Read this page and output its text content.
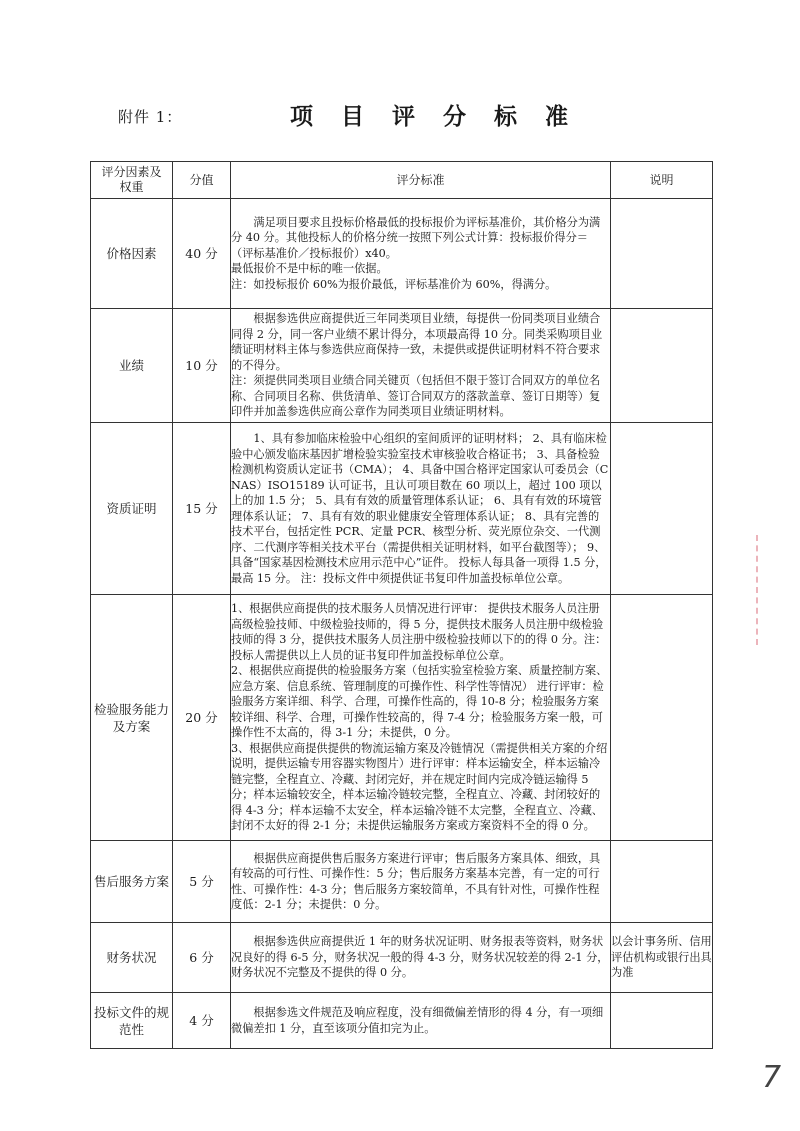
附件 1：	项 目 评 分 标 准
评分因素及
权重	分值	评分标准	说明
价格因素	40 分	满足项目要求且投标价格最低的投标报价为评标基准价，其价格分为满分 40 分。其他投标人的价格分统一按照下列公式计算：投标报价得分＝（评标基准价／投标报价）x40。
最低报价不是中标的唯一依据。
注：如投标报价 60%为报价最低，评标基准价为 60%，得满分。	

业绩	10 分	根据参选供应商提供近三年同类项目业绩，每提供一份同类项目业绩合同得 2 分，同一客户业绩不累计得分，本项最高得 10 分。同类采购项目业绩证明材料主体与参选供应商保持一致，未提供或提供证明材料不符合要求的不得分。
注：须提供同类项目业绩合同关键页（包括但不限于签订合同双方的单位名称、合同项目名称、供货清单、签订合同双方的落款盖章、签订日期等）复印件并加盖参选供应商公章作为同类项目业绩证明材料。	

资质证明	15 分	1、具有参加临床检验中心组织的室间质评的证明材料； 2、具有临床检验中心颁发临床基因扩增检验实验室技术审核验收合格证书； 3、具备检验检测机构资质认定证书（CMA）； 4、具备中国合格评定国家认可委员会（CNAS）ISO15189 认可证书，且认可项目数在 60 项以上，超过 100 项以上的加 1.5 分； 5、具有有效的质量管理体系认证； 6、具有有效的环境管理体系认证； 7、具有有效的职业健康安全管理体系认证； 8、具有完善的技术平台，包括定性 PCR、定量 PCR、核型分析、荧光原位杂交、一代测序、二代测序等相关技术平台（需提供相关证明材料，如平台截图等）； 9、具备“国家基因检测技术应用示范中心”证件。 投标人每具备一项得 1.5 分，最高 15 分。 注：投标文件中须提供证书复印件加盖投标单位公章。	

检验服务能力及方案	20 分	1、根据供应商提供的技术服务人员情况进行评审： 提供技术服务人员注册高级检验技师、中级检验技师的，得 5 分，提供技术服务人员注册中级检验技师的得 3 分，提供技术服务人员注册中级检验技师以下的的得 0 分。注：投标人需提供以上人员的证书复印件加盖投标单位公章。
2、根据供应商提供的检验服务方案（包括实验室检验方案、质量控制方案、应急方案、信息系统、管理制度的可操作性、科学性等情况） 进行评审：检验服务方案详细、科学、合理，可操作性高的，得 10-8 分；检验服务方案较详细、科学、合理，可操作性较高的，得 7-4 分；检验服务方案一般，可操作性不太高的，得 3-1 分；未提供，0 分。
3、根据供应商提供提供的物流运输方案及冷链情况（需提供相关方案的介绍说明，提供运输专用容器实物图片）进行评审：样本运输安全，样本运输冷链完整，全程直立、冷藏、封闭完好，并在规定时间内完成冷链运输得 5 分；样本运输较安全，样本运输冷链较完整，全程直立、冷藏、封闭较好的得 4-3 分；样本运输不太安全，样本运输冷链不太完整，全程直立、冷藏、封闭不太好的得 2-1 分；未提供运输服务方案或方案资料不全的得 0 分。	

售后服务方案	5 分	根据供应商提供售后服务方案进行评审；售后服务方案具体、细致，具有较高的可行性、可操作性：5 分；售后服务方案基本完善，有一定的可行性、可操作性：4-3 分；售后服务方案较简单，不具有针对性，可操作性程度低：2-1 分；未提供：0 分。	

财务状况	6 分	根据参选供应商提供近 1 年的财务状况证明、财务报表等资料，财务状况良好的得 6-5 分，财务状况一般的得 4-3 分，财务状况较差的得 2-1 分，财务状况不完整及不提供的得 0 分。	以会计事务所、信用评估机构或银行出具为准
投标文件的规范性	4 分	根据参选文件规范及响应程度，没有细微偏差情形的得 4 分，有一项细微偏差扣 1 分，直至该项分值扣完为止。	

7
